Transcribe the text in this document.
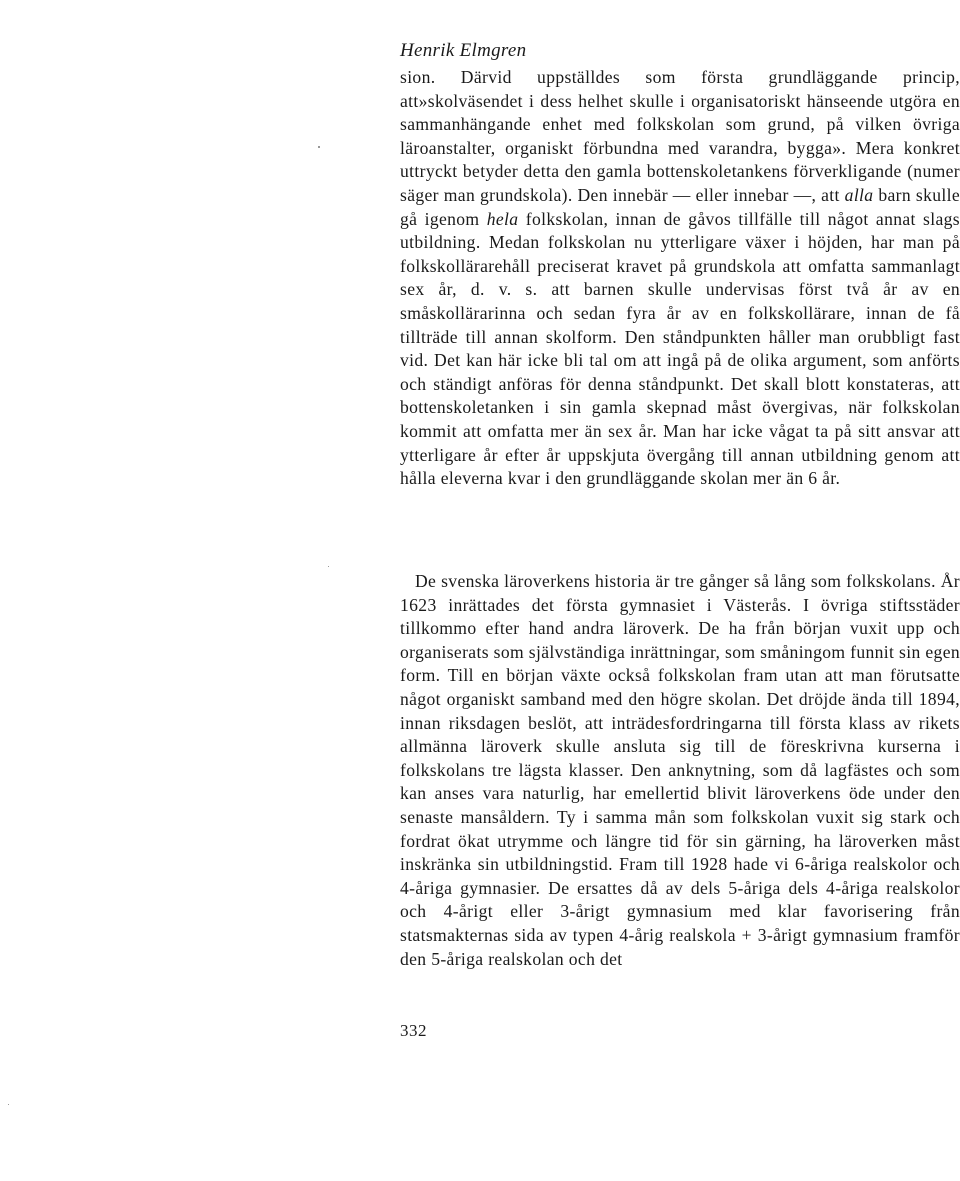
Henrik Elmgren

sion. Därvid uppställdes som första grundläggande princip, att»skolväsendet i dess helhet skulle i organisatoriskt hänseende utgöra en sammanhängande enhet med folkskolan som grund, på vilken övriga läroanstalter, organiskt förbundna med varandra, bygga». Mera konkret uttryckt betyder detta den gamla bottenskoletankens förverkligande (numer säger man grundskola). Den innebär — eller innebar —, att alla barn skulle gå igenom hela folkskolan, innan de gåvos tillfälle till något annat slags utbildning. Medan folkskolan nu ytterligare växer i höjden, har man på folkskollärarehåll preciserat kravet på grundskola att omfatta sammanlagt sex år, d. v. s. att barnen skulle undervisas först två år av en småskollärarinna och sedan fyra år av en folkskollärare, innan de få tillträde till annan skolform. Den ståndpunkten håller man orubbligt fast vid. Det kan här icke bli tal om att ingå på de olika argument, som anförts och ständigt anföras för denna ståndpunkt. Det skall blott konstateras, att bottenskoletanken i sin gamla skepnad måst övergivas, när folkskolan kommit att omfatta mer än sex år. Man har icke vågat ta på sitt ansvar att ytterligare år efter år uppskjuta övergång till annan utbildning genom att hålla eleverna kvar i den grundläggande skolan mer än 6 år.

De svenska läroverkens historia är tre gånger så lång som folkskolans. År 1623 inrättades det första gymnasiet i Västerås. I övriga stiftsstäder tillkommo efter hand andra läroverk. De ha från början vuxit upp och organiserats som självständiga inrättningar, som småningom funnit sin egen form. Till en början växte också folkskolan fram utan att man förutsatte något organiskt samband med den högre skolan. Det dröjde ända till 1894, innan riksdagen beslöt, att inträdesfordringarna till första klass av rikets allmänna läroverk skulle ansluta sig till de föreskrivna kurserna i folkskolans tre lägsta klasser. Den anknytning, som då lagfästes och som kan anses vara naturlig, har emellertid blivit läroverkens öde under den senaste mansåldern. Ty i samma mån som folkskolan vuxit sig stark och fordrat ökat utrymme och längre tid för sin gärning, ha läroverken måst inskränka sin utbildningstid. Fram till 1928 hade vi 6-åriga realskolor och 4-åriga gymnasier. De ersattes då av dels 5-åriga dels 4-åriga realskolor och 4-årigt eller 3-årigt gymnasium med klar favorisering från statsmakternas sida av typen 4-årig realskola + 3-årigt gymnasium framför den 5-åriga realskolan och det

332
